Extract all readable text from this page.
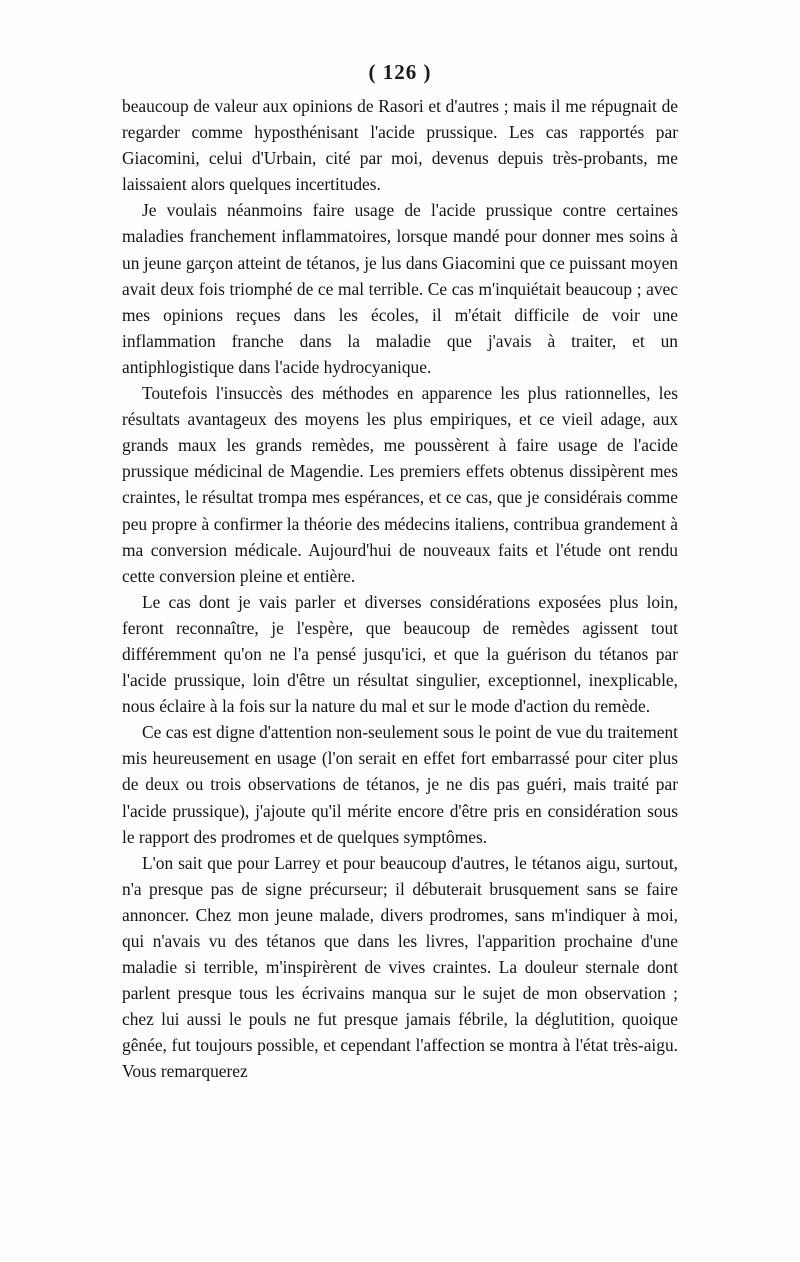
( 126 )

beaucoup de valeur aux opinions de Rasori et d'autres ; mais il me répugnait de regarder comme hyposthénisant l'acide prussique. Les cas rapportés par Giacomini, celui d'Urbain, cité par moi, devenus depuis très-probants, me laissaient alors quelques incertitudes.

Je voulais néanmoins faire usage de l'acide prussique contre certaines maladies franchement inflammatoires, lorsque mandé pour donner mes soins à un jeune garçon atteint de tétanos, je lus dans Giacomini que ce puissant moyen avait deux fois triomphé de ce mal terrible. Ce cas m'inquiétait beaucoup ; avec mes opinions reçues dans les écoles, il m'était difficile de voir une inflammation franche dans la maladie que j'avais à traiter, et un antiphlogistique dans l'acide hydrocyanique.

Toutefois l'insuccès des méthodes en apparence les plus rationnelles, les résultats avantageux des moyens les plus empiriques, et ce vieil adage, aux grands maux les grands remèdes, me poussèrent à faire usage de l'acide prussique médicinal de Magendie. Les premiers effets obtenus dissipèrent mes craintes, le résultat trompa mes espérances, et ce cas, que je considérais comme peu propre à confirmer la théorie des médecins italiens, contribua grandement à ma conversion médicale. Aujourd'hui de nouveaux faits et l'étude ont rendu cette conversion pleine et entière.

Le cas dont je vais parler et diverses considérations exposées plus loin, feront reconnaître, je l'espère, que beaucoup de remèdes agissent tout différemment qu'on ne l'a pensé jusqu'ici, et que la guérison du tétanos par l'acide prussique, loin d'être un résultat singulier, exceptionnel, inexplicable, nous éclaire à la fois sur la nature du mal et sur le mode d'action du remède.

Ce cas est digne d'attention non-seulement sous le point de vue du traitement mis heureusement en usage (l'on serait en effet fort embarrassé pour citer plus de deux ou trois observations de tétanos, je ne dis pas guéri, mais traité par l'acide prussique), j'ajoute qu'il mérite encore d'être pris en considération sous le rapport des prodromes et de quelques symptômes.

L'on sait que pour Larrey et pour beaucoup d'autres, le tétanos aigu, surtout, n'a presque pas de signe précurseur; il débuterait brusquement sans se faire annoncer. Chez mon jeune malade, divers prodromes, sans m'indiquer à moi, qui n'avais vu des tétanos que dans les livres, l'apparition prochaine d'une maladie si terrible, m'inspirèrent de vives craintes. La douleur sternale dont parlent presque tous les écrivains manqua sur le sujet de mon observation ; chez lui aussi le pouls ne fut presque jamais fébrile, la déglutition, quoique gênée, fut toujours possible, et cependant l'affection se montra à l'état très-aigu. Vous remarquerez
